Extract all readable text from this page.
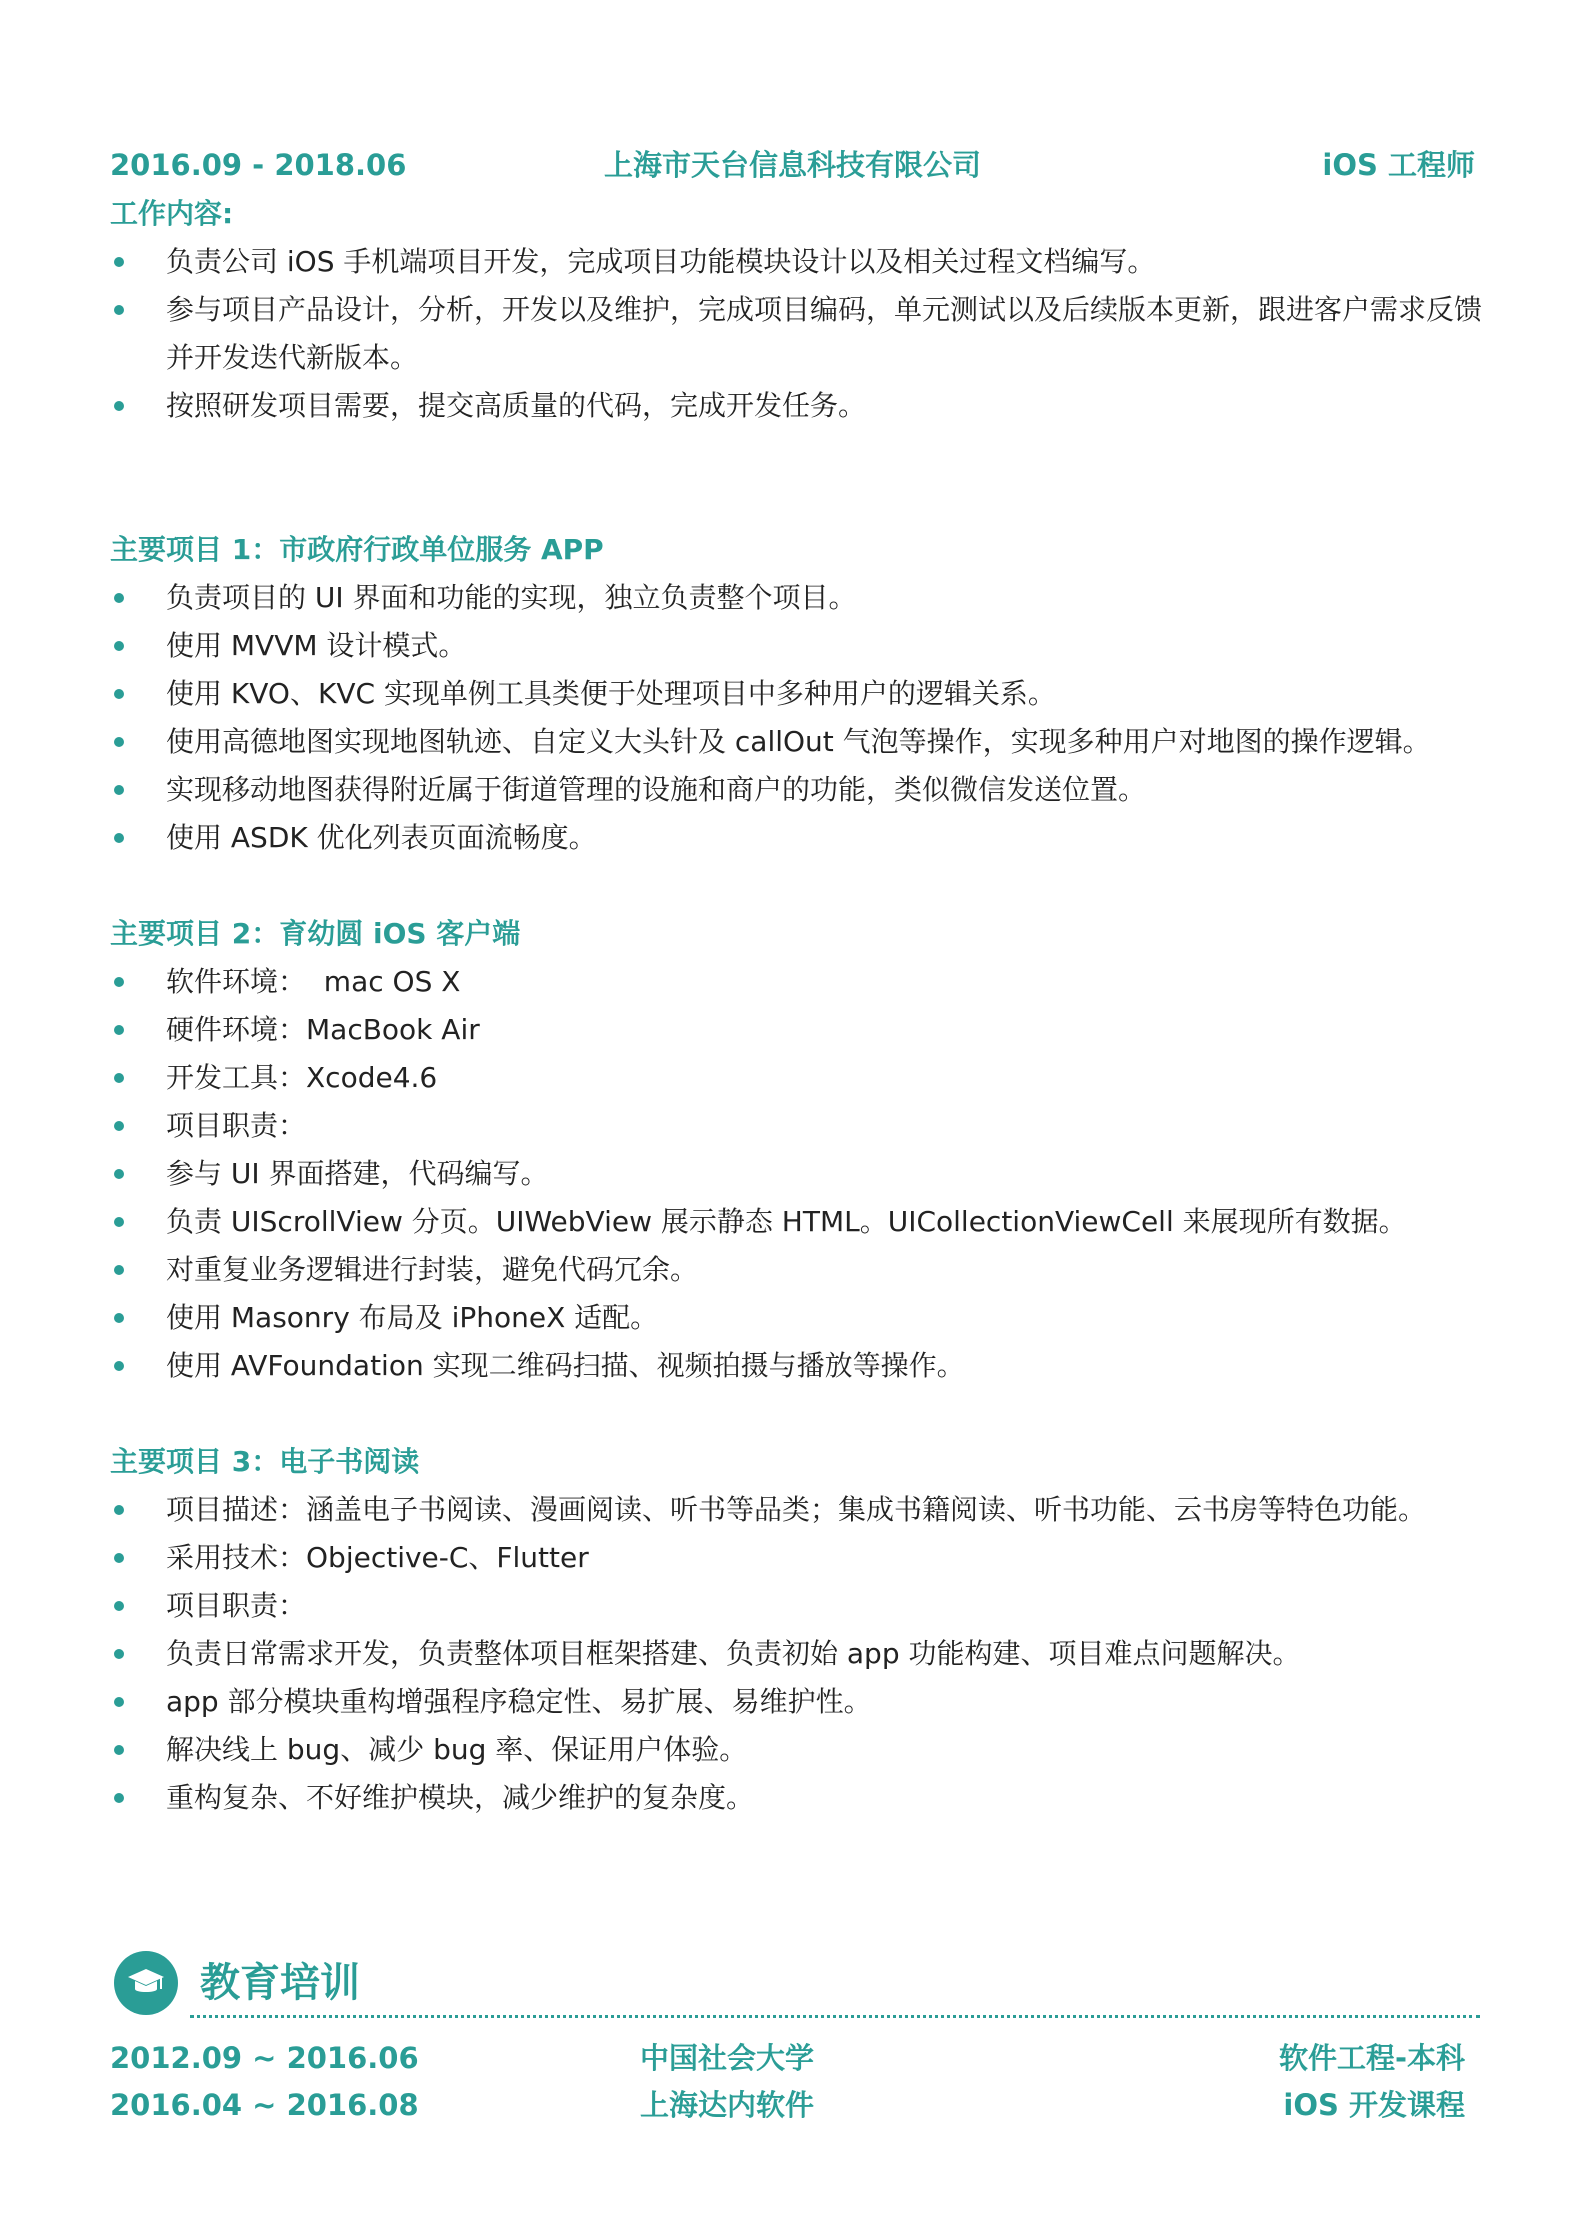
2016.09 - 2018.06	上海市天台信息科技有限公司	iOS 工程师
工作内容:
负责公司 iOS 手机端项目开发，完成项目功能模块设计以及相关过程文档编写。
参与项目产品设计，分析，开发以及维护，完成项目编码，单元测试以及后续版本更新，跟进客户需求反馈并开发迭代新版本。
按照研发项目需要，提交高质量的代码，完成开发任务。
主要项目 1：市政府行政单位服务 APP
负责项目的 UI 界面和功能的实现，独立负责整个项目。
使用 MVVM 设计模式。
使用 KVO、KVC 实现单例工具类便于处理项目中多种用户的逻辑关系。
使用高德地图实现地图轨迹、自定义大头针及 callOut 气泡等操作，实现多种用户对地图的操作逻辑。
实现移动地图获得附近属于街道管理的设施和商户的功能，类似微信发送位置。
使用 ASDK 优化列表页面流畅度。
主要项目 2：育幼圆 iOS 客户端
软件环境：  mac OS X
硬件环境：MacBook Air
开发工具：Xcode4.6
项目职责：
参与 UI 界面搭建，代码编写。
负责 UIScrollView 分页。UIWebView 展示静态 HTML。UICollectionViewCell 来展现所有数据。
对重复业务逻辑进行封装，避免代码冗余。
使用 Masonry 布局及 iPhoneX 适配。
使用 AVFoundation 实现二维码扫描、视频拍摄与播放等操作。
主要项目 3：电子书阅读
项目描述：涵盖电子书阅读、漫画阅读、听书等品类；集成书籍阅读、听书功能、云书房等特色功能。
采用技术：Objective-C、Flutter
项目职责：
负责日常需求开发，负责整体项目框架搭建、负责初始 app 功能构建、项目难点问题解决。
app 部分模块重构增强程序稳定性、易扩展、易维护性。
解决线上 bug、减少 bug 率、保证用户体验。
重构复杂、不好维护模块，减少维护的复杂度。
教育培训
2012.09 ~ 2016.06	中国社会大学	软件工程-本科
2016.04 ~ 2016.08	上海达内软件	iOS 开发课程
